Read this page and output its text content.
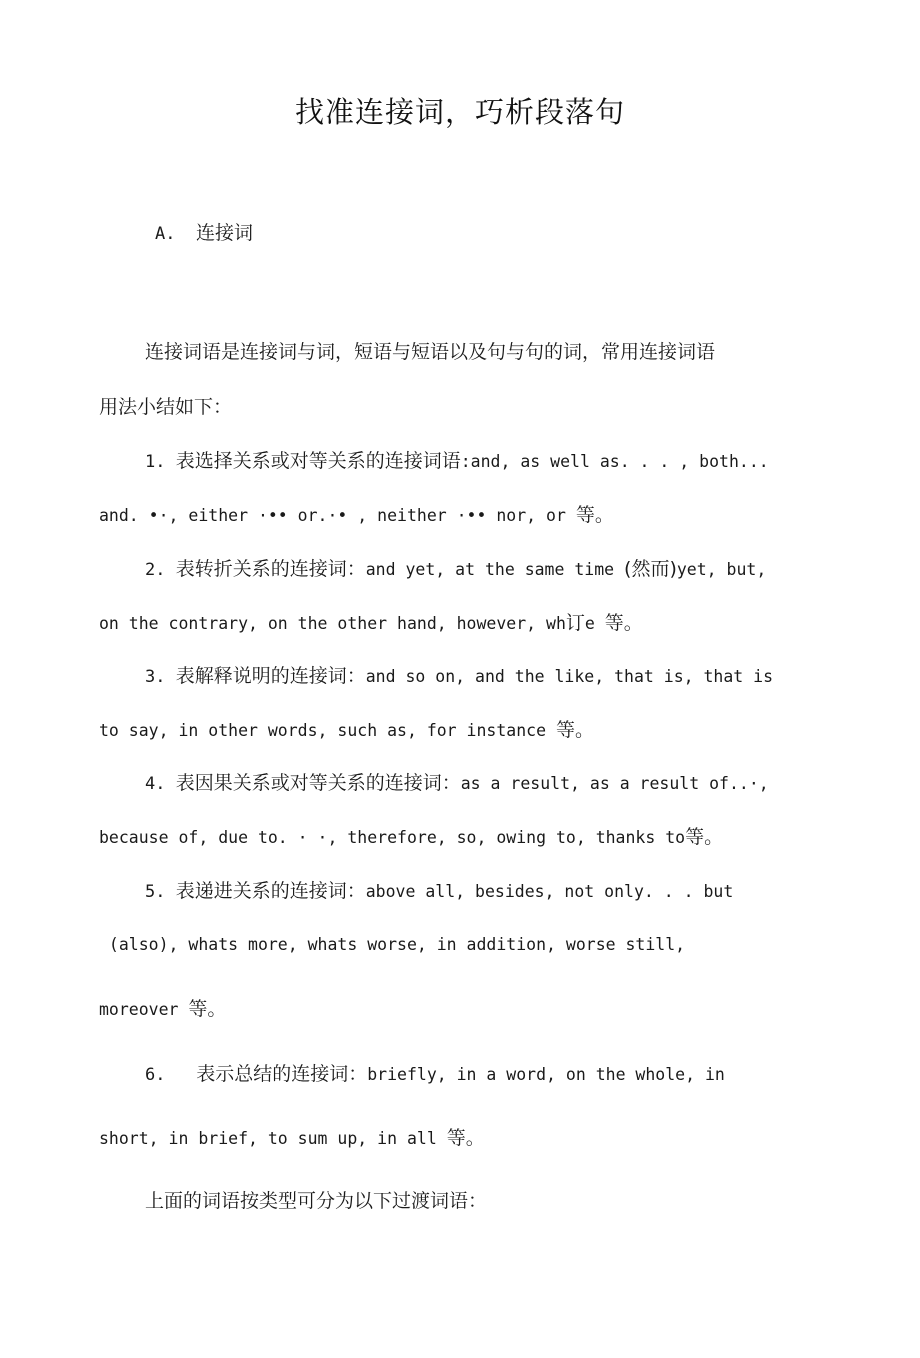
找准连接词，巧析段落句
A. 连接词
连接词语是连接词与词，短语与短语以及句与句的词，常用连接词语
用法小结如下：
1. 表选择关系或对等关系的连接词语:and, as well as. . . , both...
and. •·, either ·•• or.·• , neither ·•• nor, or 等。
2. 表转折关系的连接词：and yet, at the same time (然而)yet, but,
on the contrary, on the other hand, however, wh订e 等。
3. 表解释说明的连接词：and so on, and the like, that is, that is
to say, in other words, such as, for instance 等。
4. 表因果关系或对等关系的连接词：as a result, as a result of..·,
because of, due to. · ·, therefore, so, owing to, thanks to等。
5. 表递进关系的连接词：above all, besides, not only. . . but
(also), whats more, whats worse, in addition, worse still,
moreover 等。
6. 表示总结的连接词：briefly, in a word, on the whole, in
short, in brief, to sum up, in all 等。
上面的词语按类型可分为以下过渡词语：
